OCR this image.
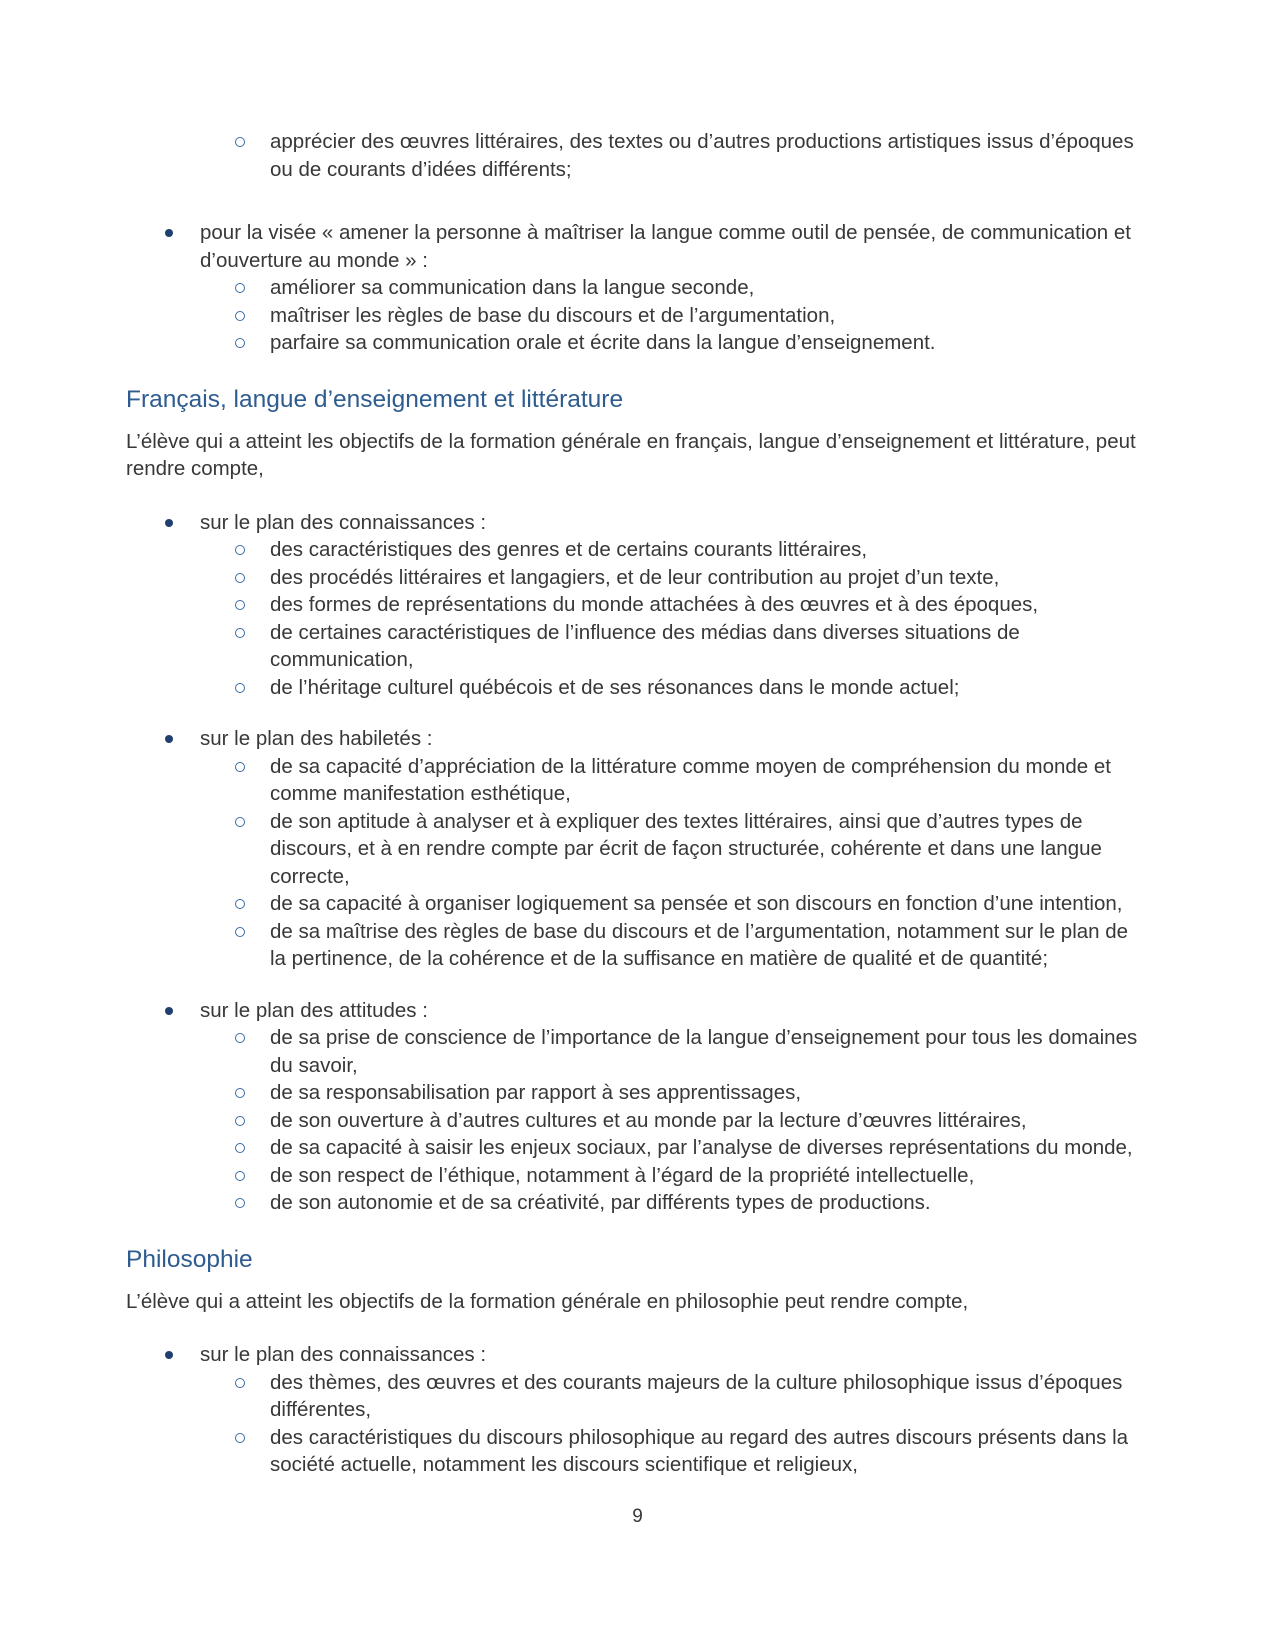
apprécier des œuvres littéraires, des textes ou d’autres productions artistiques issus d’époques ou de courants d’idées différents;
pour la visée « amener la personne à maîtriser la langue comme outil de pensée, de communication et d’ouverture au monde » :
améliorer sa communication dans la langue seconde,
maîtriser les règles de base du discours et de l’argumentation,
parfaire sa communication orale et écrite dans la langue d’enseignement.
Français, langue d’enseignement et littérature

L’élève qui a atteint les objectifs de la formation générale en français, langue d’enseignement et littérature, peut rendre compte,

sur le plan des connaissances :
des caractéristiques des genres et de certains courants littéraires,
des procédés littéraires et langagiers, et de leur contribution au projet d’un texte,
des formes de représentations du monde attachées à des œuvres et à des époques,
de certaines caractéristiques de l’influence des médias dans diverses situations de communication,
de l’héritage culturel québécois et de ses résonances dans le monde actuel;
sur le plan des habiletés :
de sa capacité d’appréciation de la littérature comme moyen de compréhension du monde et comme manifestation esthétique,
de son aptitude à analyser et à expliquer des textes littéraires, ainsi que d’autres types de discours, et à en rendre compte par écrit de façon structurée, cohérente et dans une langue correcte,
de sa capacité à organiser logiquement sa pensée et son discours en fonction d’une intention,
de sa maîtrise des règles de base du discours et de l’argumentation, notamment sur le plan de la pertinence, de la cohérence et de la suffisance en matière de qualité et de quantité;
sur le plan des attitudes :
de sa prise de conscience de l’importance de la langue d’enseignement pour tous les domaines du savoir,
de sa responsabilisation par rapport à ses apprentissages,
de son ouverture à d’autres cultures et au monde par la lecture d’œuvres littéraires,
de sa capacité à saisir les enjeux sociaux, par l’analyse de diverses représentations du monde,
de son respect de l’éthique, notamment à l’égard de la propriété intellectuelle,
de son autonomie et de sa créativité, par différents types de productions.
Philosophie

L’élève qui a atteint les objectifs de la formation générale en philosophie peut rendre compte,

sur le plan des connaissances :
des thèmes, des œuvres et des courants majeurs de la culture philosophique issus d’époques différentes,
des caractéristiques du discours philosophique au regard des autres discours présents dans la société actuelle, notamment les discours scientifique et religieux,
9
